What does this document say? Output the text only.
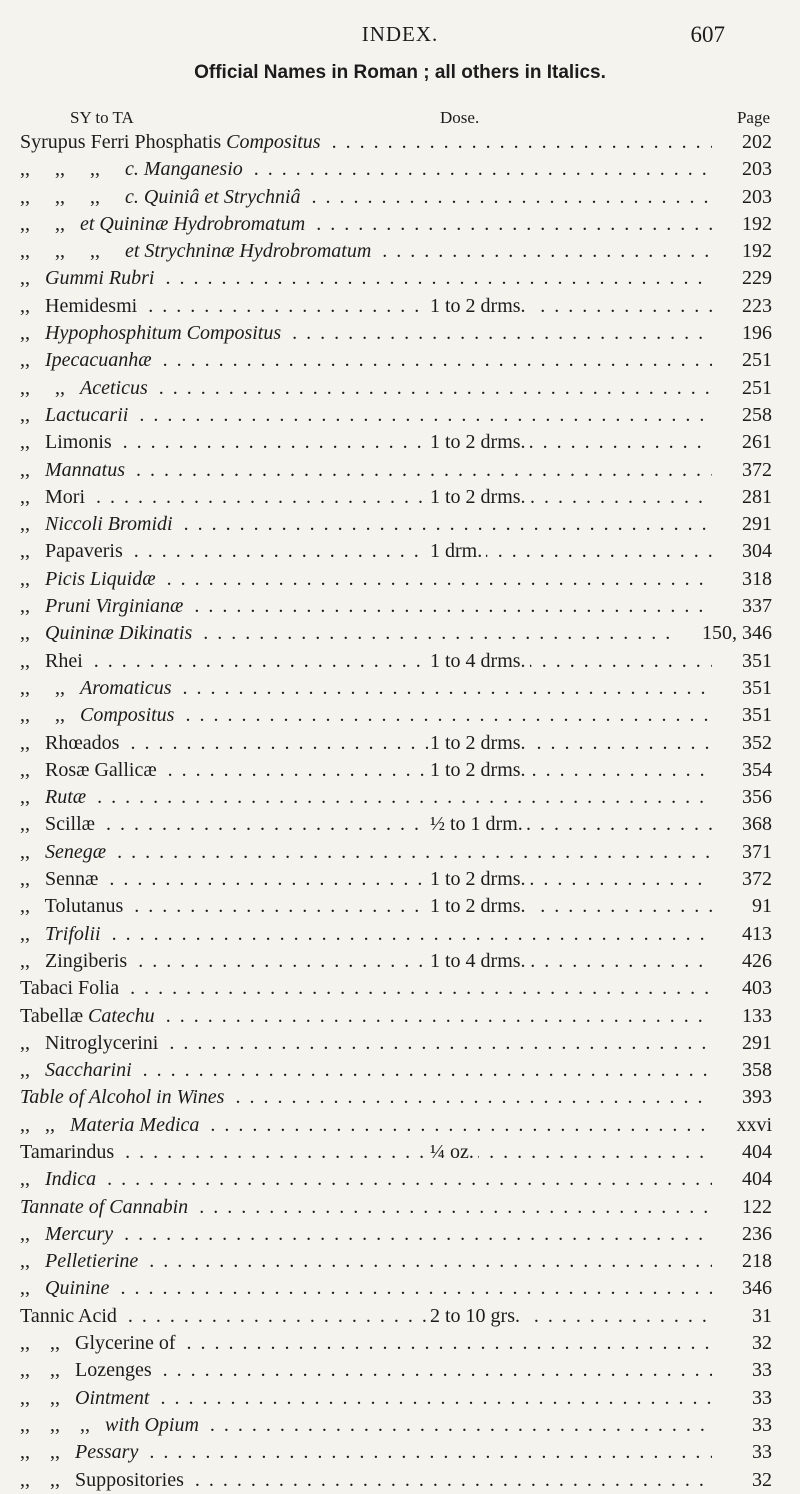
INDEX.	607
Official Names in Roman ; all others in Italics.
SY to TA	Dose.	Page
Syrupus Ferri Phosphatis Compositus . . .	202
,,     ,,     ,,     c. Manganesio . . .	203
,,     ,,     ,,     c. Quiniâ et Strychniâ . . .	203
,,     ,,   et Quininæ Hydrobromatum . . .	192
,,     ,,     ,,     et Strychninæ Hydrobromatum . . .	192
,,   Gummi Rubri . . .	229
,,   Hemidesmi . . .	1 to 2 drms.	223
,,   Hypophosphitum Compositus . . .	196
,,   Ipecacuanhæ . . .	251
,,     ,,   Aceticus . . .	251
,,   Lactucarii . . .	258
,,   Limonis . . .	1 to 2 drms.	261
,,   Mannatus . . .	372
,,   Mori . . .	1 to 2 drms.	281
,,   Niccoli Bromidi . . .	291
,,   Papaveris . . .	1 drm.	304
,,   Picis Liquidæ . . .	318
,,   Pruni Virginianæ . . .	337
,,   Quininæ Dikinatis . . .	150, 346
,,   Rhei . . .	1 to 4 drms.	351
,,     ,,   Aromaticus . . .	351
,,     ,,   Compositus . . .	351
,,   Rhœados . . .	1 to 2 drms.	352
,,   Rosæ Gallicæ . . .	1 to 2 drms.	354
,,   Rutæ . . .	356
,,   Scillæ . . .	½ to 1 drm.	368
,,   Senegæ . . .	371
,,   Sennæ . . .	1 to 2 drms.	372
,,   Tolutanus . . .	1 to 2 drms.	91
,,   Trifolii . . .	413
,,   Zingiberis . . .	1 to 4 drms.	426
Tabaci Folia . . .	403
Tabellæ Catechu . . .	133
,,   Nitroglycerini . . .	291
,,   Saccharini . . .	358
Table of Alcohol in Wines . . .	393
,,   ,,   Materia Medica . . .	xxvi
Tamarindus . . .	¼ oz.	404
,,   Indica . . .	404
Tannate of Cannabin . . .	122
,,   Mercury . . .	236
,,   Pelletierine . . .	218
,,   Quinine . . .	346
Tannic Acid . . .	2 to 10 grs.	31
,,    ,,   Glycerine of . . .	32
,,    ,,   Lozenges . . .	33
,,    ,,   Ointment . . .	33
,,    ,,    ,,   with Opium . . .	33
,,    ,,   Pessary . . .	33
,,    ,,   Suppositories . . .	32
